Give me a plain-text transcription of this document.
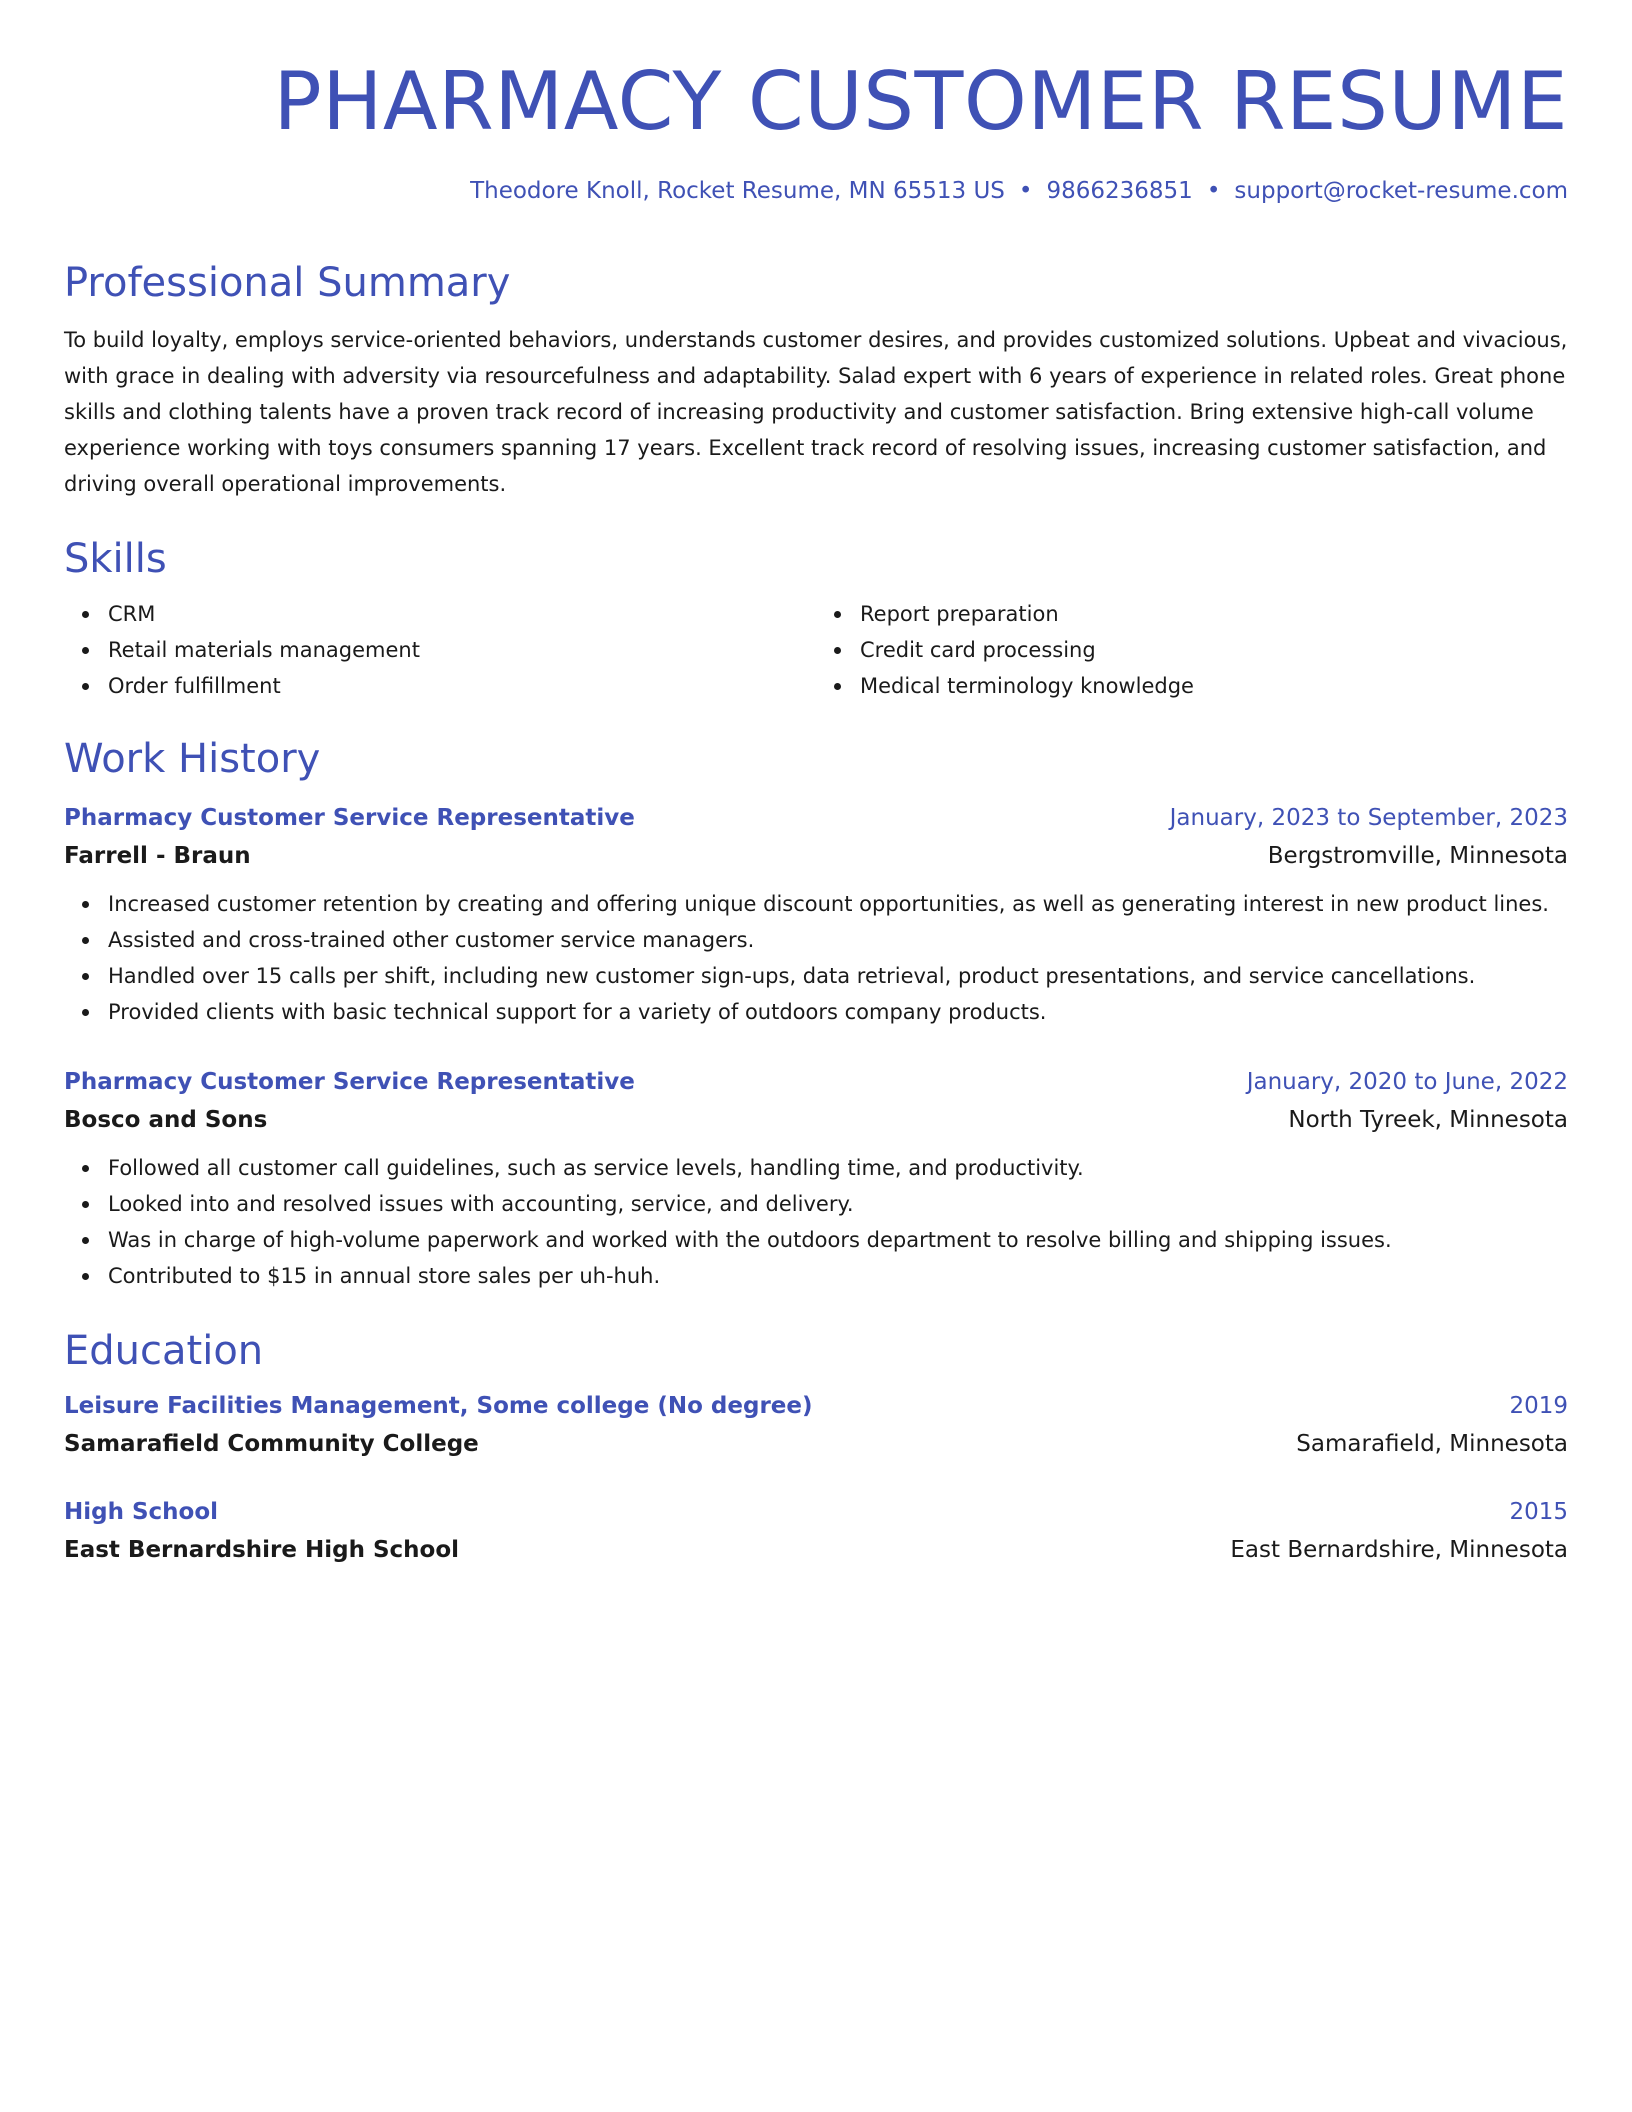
PHARMACY CUSTOMER RESUME
Theodore Knoll, Rocket Resume, MN 65513 US • 9866236851 • support@rocket-resume.com
Professional Summary
To build loyalty, employs service-oriented behaviors, understands customer desires, and provides customized solutions. Upbeat and vivacious, with grace in dealing with adversity via resourcefulness and adaptability. Salad expert with 6 years of experience in related roles. Great phone skills and clothing talents have a proven track record of increasing productivity and customer satisfaction. Bring extensive high-call volume experience working with toys consumers spanning 17 years. Excellent track record of resolving issues, increasing customer satisfaction, and driving overall operational improvements.
Skills
CRM
Retail materials management
Order fulfillment
Report preparation
Credit card processing
Medical terminology knowledge
Work History
Pharmacy Customer Service Representative	January, 2023 to September, 2023
Farrell - Braun	Bergstromville, Minnesota
Increased customer retention by creating and offering unique discount opportunities, as well as generating interest in new product lines.
Assisted and cross-trained other customer service managers.
Handled over 15 calls per shift, including new customer sign-ups, data retrieval, product presentations, and service cancellations.
Provided clients with basic technical support for a variety of outdoors company products.
Pharmacy Customer Service Representative	January, 2020 to June, 2022
Bosco and Sons	North Tyreek, Minnesota
Followed all customer call guidelines, such as service levels, handling time, and productivity.
Looked into and resolved issues with accounting, service, and delivery.
Was in charge of high-volume paperwork and worked with the outdoors department to resolve billing and shipping issues.
Contributed to $15 in annual store sales per uh-huh.
Education
Leisure Facilities Management, Some college (No degree)	2019
Samarafield Community College	Samarafield, Minnesota
High School	2015
East Bernardshire High School	East Bernardshire, Minnesota
